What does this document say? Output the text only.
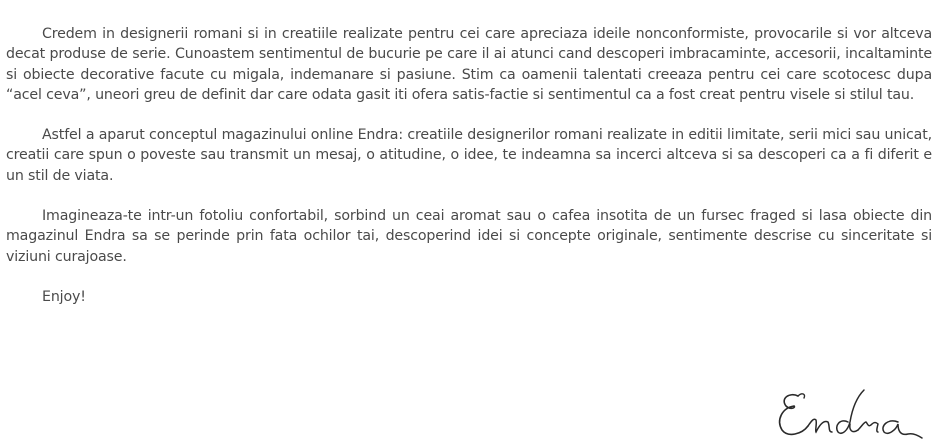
Credem in designerii romani si in creatiile realizate pentru cei care apreciaza ideile nonconformiste, provocarile si vor altceva decat produse de serie. Cunoastem sentimentul de bucurie pe care il ai atunci cand descoperi imbracaminte, accesorii, incaltaminte si obiecte decorative facute cu migala, indemanare si pasiune. Stim ca oamenii talentati creeaza pentru cei care scotocesc dupa “acel ceva”, uneori greu de definit dar care odata gasit iti ofera satis-factie si sentimentul ca a fost creat pentru visele si stilul tau.

Astfel a aparut conceptul magazinului online Endra: creatiile designerilor romani realizate in editii limitate, serii mici sau unicat, creatii care spun o poveste sau transmit un mesaj, o atitudine, o idee, te indeamna sa incerci altceva si sa descoperi ca a fi diferit e un stil de viata.

Imagineaza-te intr-un fotoliu confortabil, sorbind un ceai aromat sau o cafea insotita de un fursec fraged si lasa obiecte din magazinul Endra sa se perinde prin fata ochilor tai, descoperind idei si concepte originale, sentimente descrise cu sinceritate si viziuni curajoase.

Enjoy!
